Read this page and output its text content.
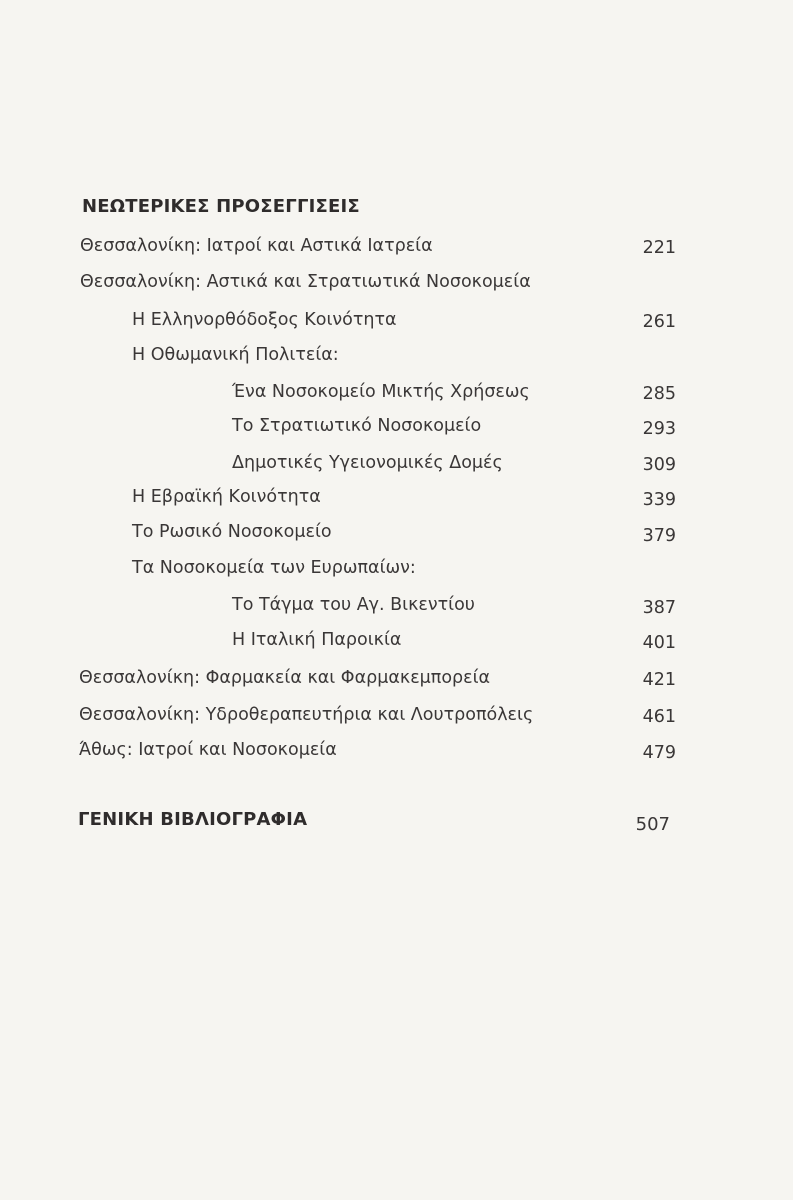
ΝΕΩΤΕΡΙΚΕΣ ΠΡΟΣΕΓΓΙΣΕΙΣ
Θεσσαλονίκη: Ιατροί και Αστικά Ιατρεία	221
Θεσσαλονίκη: Αστικά και Στρατιωτικά Νοσοκομεία
Η Ελληνορθόδοξος Κοινότητα	261
Η Οθωμανική Πολιτεία:
Ένα Νοσοκομείο Μικτής Χρήσεως	285
Το Στρατιωτικό Νοσοκομείο	293
Δημοτικές Υγειονομικές Δομές	309
Η Εβραϊκή Κοινότητα	339
Το Ρωσικό Νοσοκομείο	379
Τα Νοσοκομεία των Ευρωπαίων:
Το Τάγμα του Αγ. Βικεντίου	387
Η Ιταλική Παροικία	401
Θεσσαλονίκη: Φαρμακεία και Φαρμακεμπορεία	421
Θεσσαλονίκη: Υδροθεραπευτήρια και Λουτροπόλεις	461
Άθως: Ιατροί και Νοσοκομεία	479
ΓΕΝΙΚΗ ΒΙΒΛΙΟΓΡΑΦΙΑ	507
